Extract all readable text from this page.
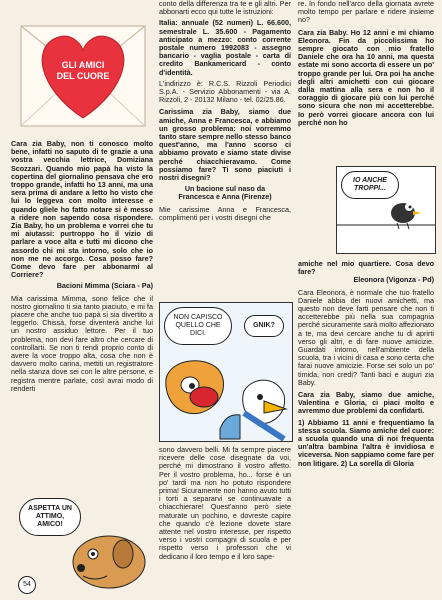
GLI AMICI
DEL CUORE

Cara zia Baby, non ti conosco molto bene, infatti no saputo di te grazie a una vostra vecchia lettrice, Domiziana Scozzari. Quando mio papà ha visto la copertina del giornalino pensava che ero troppo grande, infatti ho 13 anni, ma una sera prima di andare a letto ho visto che lui lo leggeva con molto interesse e quando gliele ho fatto notare si è messo a ridere non sapendo cosa rispondere. Zia Baby, ho un problema e vorrei che tu mi aiutassi: purtroppo ho il vizio di parlare a voce alta e tutti mi dicono che assordo chi mi sta intorno, solo che io non me ne accorgo. Cosa posso fare? Come devo fare per abbonarmi al Corriere?

Bacioni Mimma (Sciara - Pa)

Mia carissima Mimma, sono felice che il nostro giornalino ti sia tanto piaciuto, e mi fa piacere che anche tuo papà si sia divertito a leggerlo. Chissà, forse diventerà anche lui un nostro assiduo lettore. Per il tuo problema, non devi fare altro che cercare di controllarti. Se non ti rendi proprio conto di avere la voce troppo alta, cosa che non è davvero molto carina, mettiti un registratore nella stanza dove sei con le altre persone, e registra mentre parlate, così avrai modo di renderti

ASPETTA UN ATTIMO, AMICO!
54

conto della differenza tra te e gli altri. Per abbonarti ecco qui tutte le istruzioni:

Italia: annuale (52 numeri) L. 66.600, semestrale L. 35.600 - Pagamento anticipato a mezzo: conto corrente postale numero 1992083 - assegno bancario - vaglia postale - carta di credito Bankamericard - conto d'identità.

L'indirizzo è: R.C.S. Rizzoli Periodici S.p.A. - Servizio Abbonamenti - via A. Rizzoli, 2 - 20132 Milano - tel. 02/25.86.

Carissima zia Baby, siamo due amiche, Anna e Francesca, e abbiamo un grosso problema: noi vorremmo tanto stare sempre nello stesso banco quest'anno, ma l'anno scorso ci abbiamo provato e siamo state divise perché chiacchieravamo. Come possiamo fare? Ti sono piaciuti i nostri disegni?

Un bacione sul naso da
Francesca e Anna (Firenze)

Mie carissime Anna e Francesca, complimenti per i vostri disegni che

NON CAPISCO QUELLO CHE DICI.
GNIK?

sono davvero belli. Mi fa sempre piacere ricevere delle cose disegnate da voi, perché mi dimostrano il vostro affetto. Per il vostro problema, ho... forse è un po' tardi ma non ho potuto rispondere prima! Sicuramente non hanno avuto tutti i torti a separarvi se continuavate a chiacchierare! Quest'anno però siete maturate un pochino, e dovreste capire che quando c'è lezione dovete stare attente nel vostro interesse, per rispetto verso i vostri compagni di scuola e per rispetto verso i professori che vi dedicano il loro tempo e il loro sape-

re. In fondo nell'arco della giornata avrete molto tempo per parlare e ridere insieme no?

Cara zia Baby. Ho 12 anni e mi chiamo Eleonora. Fin da piccolissima ho sempre giocato con mio fratello Daniele che ora ha 10 anni, ma questa estate mi sono accorta di essere un po' troppo grande per lui. Ora poi ha anche degli altri amichetti con cui giocare dalla mattina alla sera e non ho il coraggio di giocare più con lui perché sono sicura che non mi accetterebbe. Io però vorrei giocare ancora con lui perché non ho

IO ANCHE TROPPI...

amiche nel mio quartiere. Cosa devo fare?

Eleonora (Vigonza - Pd)

Cara Eleonora, è normale che tuo fratello Daniele abbia dei nuovi amichetti, ma questo non deve farti pensare che non ti accetterebbe più nella sua compagnia perché sicuramente sarà molto affezionato a te, ma devi cercare anche tu di aprirti verso gli altri, e di fare nuove amicizie. Guardati intorno, nell'ambiente della scuola, tra i vicini di casa e sono certa che farai nuove amicizie. Forse sei solo un po' timida, non credi? Tanti baci e auguri zia Baby.

Cara zia Baby, siamo due amiche, Valentina e Gloria, ci piaci molto e avremmo due problemi da confidarti.

1) Abbiamo 11 anni e frequentiamo la stessa scuola. Siamo amiche del cuore: a scuola quando una di noi frequenta un'altra bambina l'altra è invidiosa e viceversa. Non sappiamo come fare per non litigare. 2) La sorella di Gloria
